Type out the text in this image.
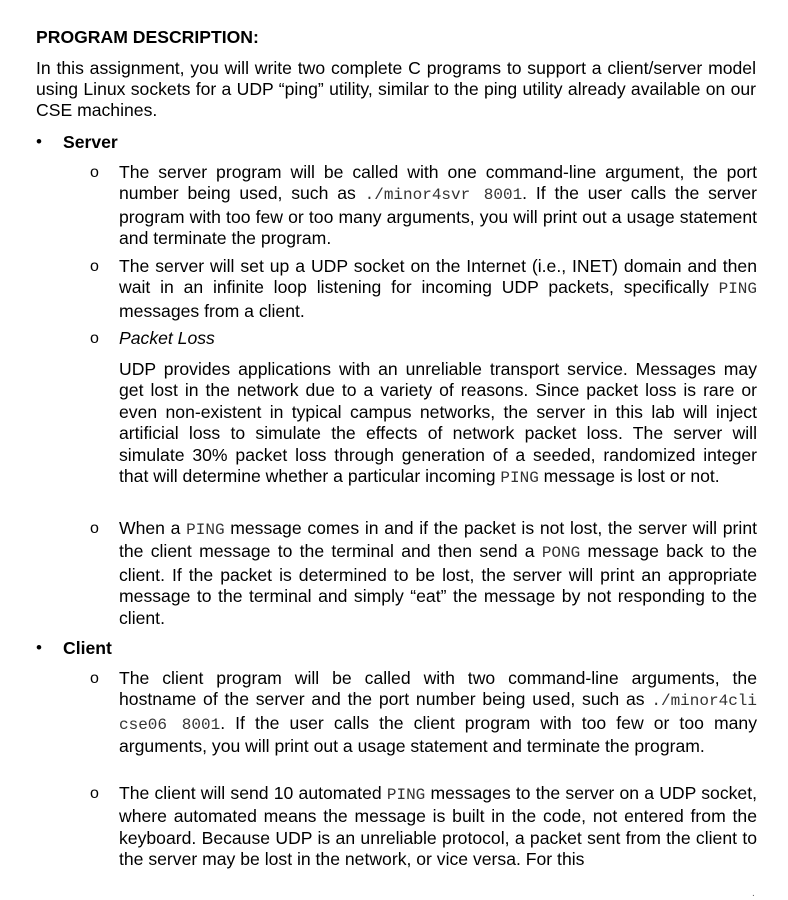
PROGRAM DESCRIPTION:

In this assignment, you will write two complete C programs to support a client/server model using Linux sockets for a UDP “ping” utility, similar to the ping utility already available on our CSE machines.

• Server
o The server program will be called with one command-line argument, the port number being used, such as ./minor4svr 8001. If the user calls the server program with too few or too many arguments, you will print out a usage statement and terminate the program.

o The server will set up a UDP socket on the Internet (i.e., INET) domain and then wait in an infinite loop listening for incoming UDP packets, specifically PING messages from a client.

o Packet Loss

UDP provides applications with an unreliable transport service. Messages may get lost in the network due to a variety of reasons. Since packet loss is rare or even non-existent in typical campus networks, the server in this lab will inject artificial loss to simulate the effects of network packet loss. The server will simulate 30% packet loss through generation of a seeded, randomized integer that will determine whether a particular incoming PING message is lost or not.

o When a PING message comes in and if the packet is not lost, the server will print the client message to the terminal and then send a PONG message back to the client. If the packet is determined to be lost, the server will print an appropriate message to the terminal and simply “eat” the message by not responding to the client.

• Client
o The client program will be called with two command-line arguments, the hostname of the server and the port number being used, such as ./minor4cli cse06 8001. If the user calls the client program with too few or too many arguments, you will print out a usage statement and terminate the program.

o The client will send 10 automated PING messages to the server on a UDP socket, where automated means the message is built in the code, not entered from the keyboard. Because UDP is an unreliable protocol, a packet sent from the client to the server may be lost in the network, or vice versa. For this

.
